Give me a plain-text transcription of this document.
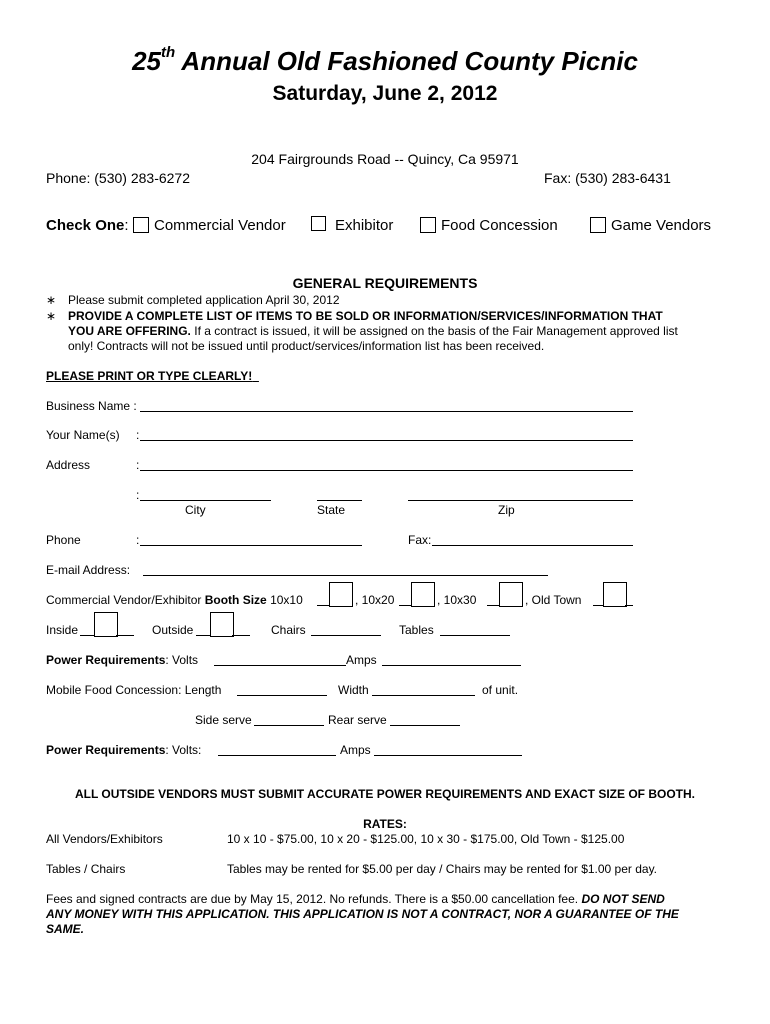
25th Annual Old Fashioned County Picnic
Saturday, June 2, 2012
204 Fairgrounds Road -- Quincy, Ca 95971
Phone: (530) 283-6272	Fax: (530) 283-6431
Check One: Commercial Vendor	Exhibitor	Food Concession	Game Vendors
GENERAL REQUIREMENTS
∗ Please submit completed application April 30, 2012
∗ PROVIDE A COMPLETE LIST OF ITEMS TO BE SOLD OR INFORMATION/SERVICES/INFORMATION THAT
YOU ARE OFFERING. If a contract is issued, it will be assigned on the basis of the Fair Management approved list
only! Contracts will not be issued until product/services/information list has been received.
PLEASE PRINT OR TYPE CLEARLY!
Business Name :
Your Name(s) :
Address	:
:
City	State	Zip
Phone	:	Fax:
E-mail Address:
Commercial Vendor/Exhibitor Booth Size 10x10	, 10x20	, 10x30	, Old Town
Inside	Outside	Chairs	Tables
Power Requirements: Volts	Amps
Mobile Food Concession: Length	Width	of unit.
Side serve	Rear serve
Power Requirements: Volts:	Amps
ALL OUTSIDE VENDORS MUST SUBMIT ACCURATE POWER REQUIREMENTS AND EXACT SIZE OF BOOTH.
RATES:
All Vendors/Exhibitors	10 x 10 - $75.00, 10 x 20 - $125.00, 10 x 30 - $175.00, Old Town - $125.00
Tables / Chairs	Tables may be rented for $5.00 per day / Chairs may be rented for $1.00 per day.
Fees and signed contracts are due by May 15, 2012. No refunds. There is a $50.00 cancellation fee. DO NOT SEND
ANY MONEY WITH THIS APPLICATION. THIS APPLICATION IS NOT A CONTRACT, NOR A GUARANTEE OF THE
SAME.
